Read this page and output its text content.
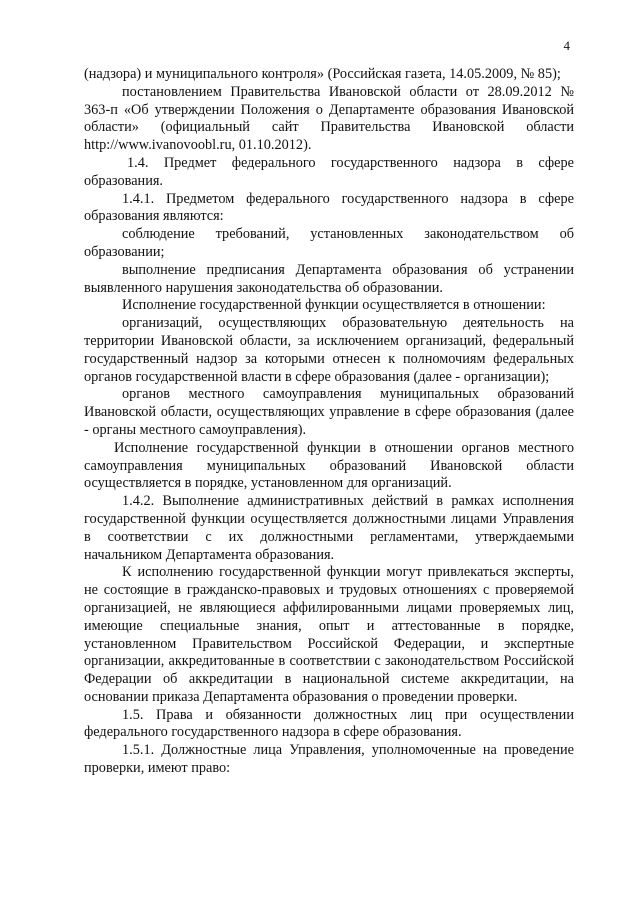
4

(надзора) и муниципального контроля» (Российская газета, 14.05.2009, № 85);

постановлением Правительства Ивановской области от 28.09.2012 № 363-п «Об утверждении Положения о Департаменте образования Ивановской области» (официальный сайт Правительства Ивановской области http://www.ivanovoobl.ru, 01.10.2012).

1.4. Предмет федерального государственного надзора в сфере образования.

1.4.1. Предметом федерального государственного надзора в сфере образования являются:

соблюдение требований, установленных законодательством об образовании;

выполнение предписания Департамента образования об устранении выявленного нарушения законодательства об образовании.

Исполнение государственной функции осуществляется в отношении:

организаций, осуществляющих образовательную деятельность на территории Ивановской области, за исключением организаций, федеральный государственный надзор за которыми отнесен к полномочиям федеральных органов государственной власти в сфере образования (далее - организации);

органов местного самоуправления муниципальных образований Ивановской области, осуществляющих управление в сфере образования (далее - органы местного самоуправления).

Исполнение государственной функции в отношении органов местного самоуправления муниципальных образований Ивановской области осуществляется в порядке, установленном для организаций.

1.4.2. Выполнение административных действий в рамках исполнения государственной функции осуществляется должностными лицами Управления в соответствии с их должностными регламентами, утверждаемыми начальником Департамента образования.

К исполнению государственной функции могут привлекаться эксперты, не состоящие в гражданско-правовых и трудовых отношениях с проверяемой организацией, не являющиеся аффилированными лицами проверяемых лиц, имеющие специальные знания, опыт и аттестованные в порядке, установленном Правительством Российской Федерации, и экспертные организации, аккредитованные в соответствии с законодательством Российской Федерации об аккредитации в национальной системе аккредитации, на основании приказа Департамента образования о проведении проверки.

1.5. Права и обязанности должностных лиц при осуществлении федерального государственного надзора в сфере образования.

1.5.1. Должностные лица Управления, уполномоченные на проведение проверки, имеют право:
